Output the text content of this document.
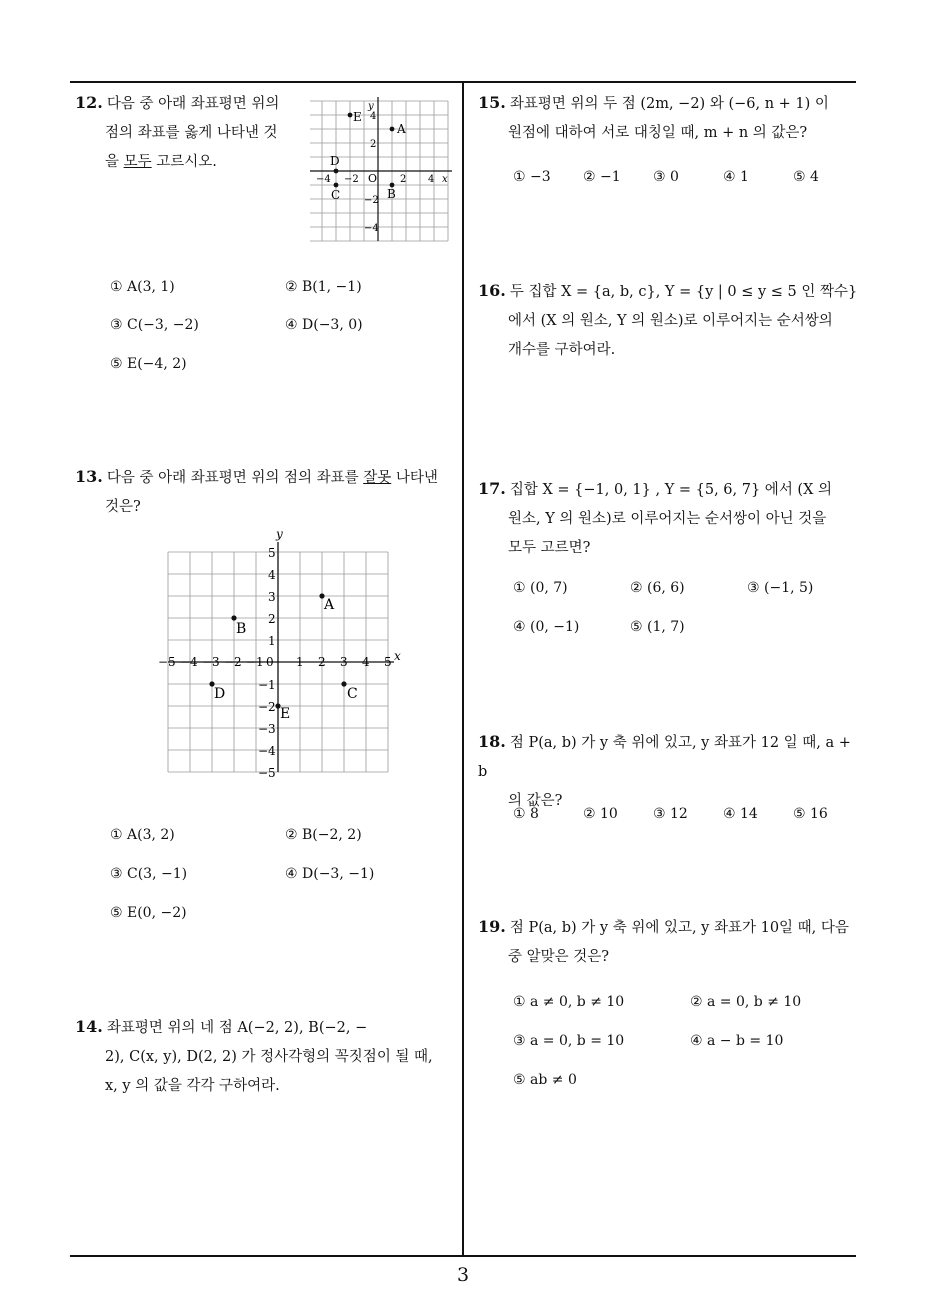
3
12. 다음 중 아래 좌표평면 위의
점의 좌표를 옳게 나타낸 것
을 모두 고르시오.
x
y
O
−4 −2	2 4
4
2
−2
−4
A
B
C
D
E
① A(3, 1)	② B(1, −1)
③ C(−3, −2)	④ D(−3, 0)
⑤ E(−4, 2)
13. 다음 중 아래 좌표평면 위의 점의 좌표를 잘못 나타낸
것은?
x
y
0
−5 −4 −3 −2 −1	1 2 3 4 5
5
4
3
2
1
−1
−2
−3
−4
−5
A
B
C
D
E
① A(3, 2)	② B(−2, 2)
③ C(3, −1)	④ D(−3, −1)
⑤ E(0, −2)
14. 좌표평면 위의 네 점 A(−2, 2), B(−2, −
2), C(x, y), D(2, 2) 가 정사각형의 꼭짓점이 될 때,
x, y 의 값을 각각 구하여라.
15. 좌표평면 위의 두 점 (2m, −2) 와 (−6, n + 1) 이
원점에 대하여 서로 대칭일 때, m + n 의 값은?
① −3 ② −1 ③ 0	④ 1	⑤ 4
16. 두 집합 X = {a, b, c}, Y = {y | 0 ≤ y ≤ 5 인 짝수}
에서 (X 의 원소, Y 의 원소)로 이루어지는 순서쌍의
개수를 구하여라.
17. 집합 X = {−1, 0, 1} , Y = {5, 6, 7} 에서 (X 의
원소, Y 의 원소)로 이루어지는 순서쌍이 아닌 것을
모두 고르면?
① (0, 7)	② (6, 6)	③ (−1, 5)
④ (0, −1)	⑤ (1, 7)
18. 점 P(a, b) 가 y 축 위에 있고, y 좌표가 12 일 때, a + b
의 값은?
① 8	② 10	③ 12	④ 14	⑤ 16
19. 점 P(a, b) 가 y 축 위에 있고, y 좌표가 10일 때, 다음
중 알맞은 것은?
① a ≠ 0, b ≠ 10	② a = 0, b ≠ 10
③ a = 0, b = 10	④ a − b = 10
⑤ ab ≠ 0
